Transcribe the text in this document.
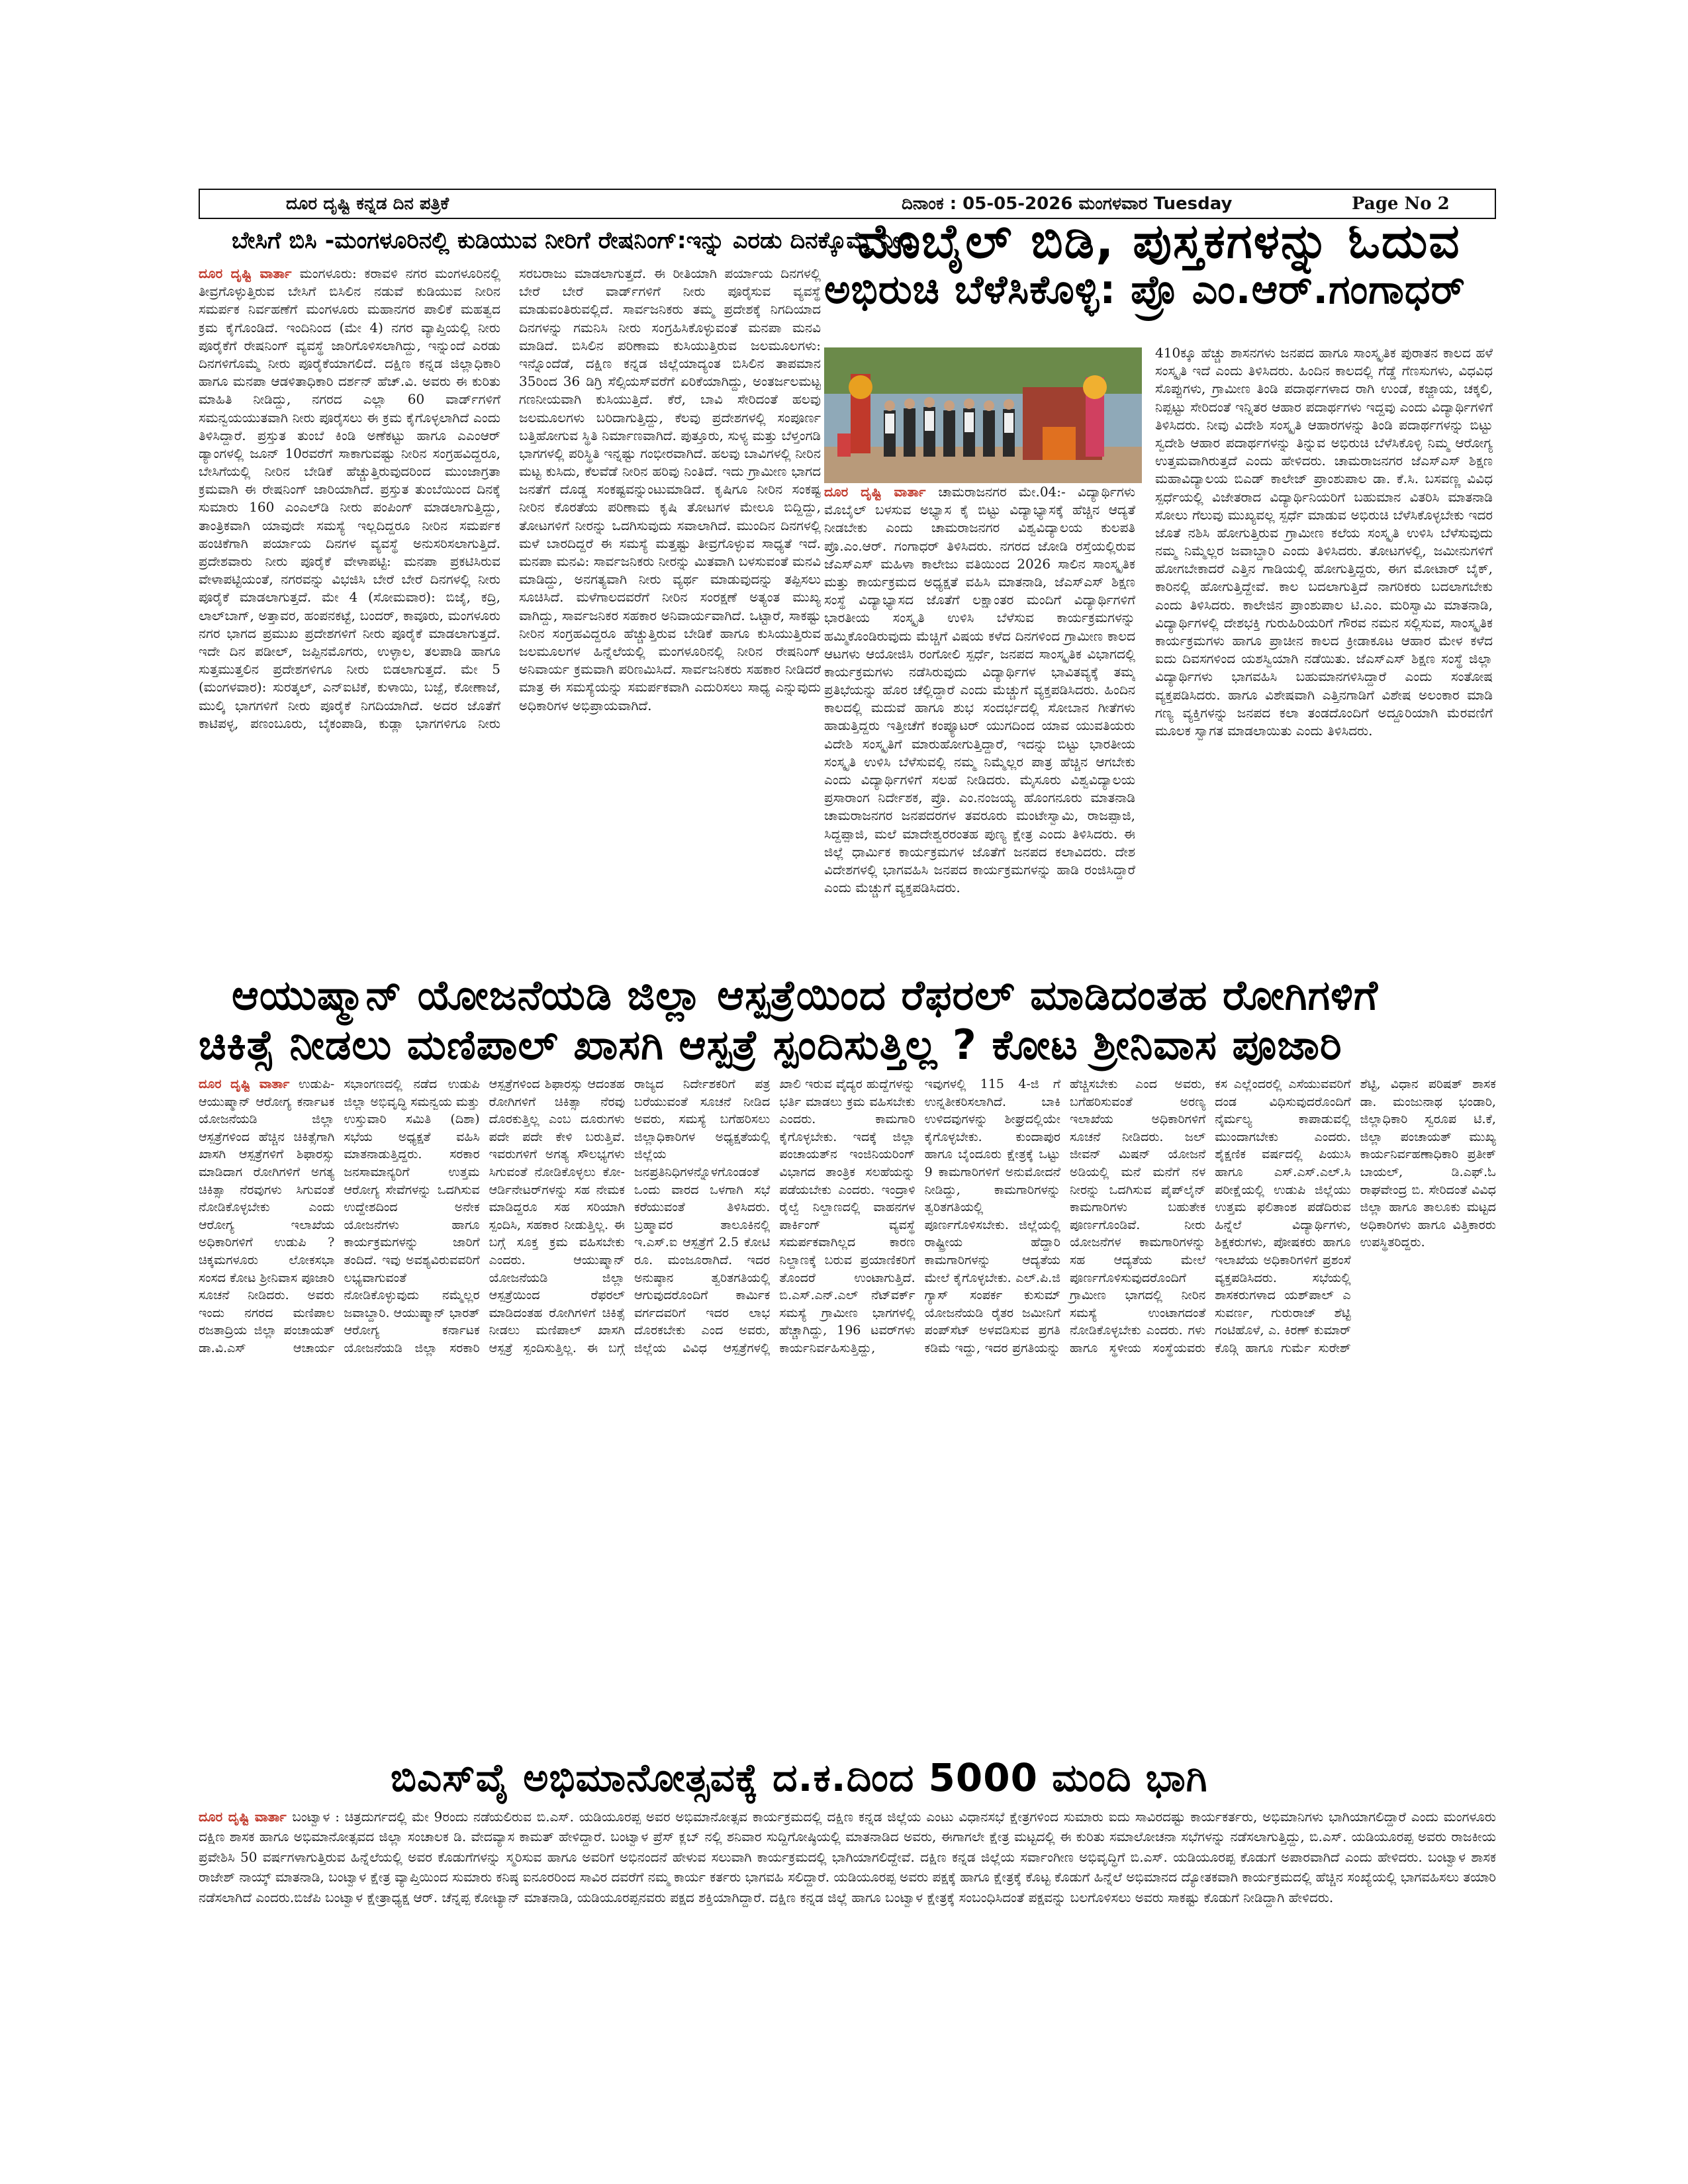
ದೂರ ದೃಷ್ಟಿ ಕನ್ನಡ ದಿನ ಪತ್ರಿಕೆ	ದಿನಾಂಕ : 05-05-2026 ಮಂಗಳವಾರ Tuesday	Page No 2
ಬೇಸಿಗೆ ಬಿಸಿ -ಮಂಗಳೂರಿನಲ್ಲಿ ಕುಡಿಯುವ ನೀರಿಗೆ ರೇಷನಿಂಗ್:ಇನ್ನು ಎರಡು ದಿನಕ್ಕೊಮ್ಮೆ ನೀರು
ದೂರ ದೃಷ್ಟಿ ವಾರ್ತಾ ಮಂಗಳೂರು: ಕರಾವಳಿ ನಗರ ಮಂಗಳೂರಿನಲ್ಲಿ ತೀವ್ರಗೊಳ್ಳುತ್ತಿರುವ ಬೇಸಿಗೆ ಬಿಸಿಲಿನ ನಡುವೆ ಕುಡಿಯುವ ನೀರಿನ ಸಮರ್ಪಕ ನಿರ್ವಹಣೆಗೆ ಮಂಗಳೂರು ಮಹಾನಗರ ಪಾಲಿಕೆ ಮಹತ್ವದ ಕ್ರಮ ಕೈಗೊಂಡಿದೆ. ಇಂದಿನಿಂದ (ಮೇ 4) ನಗರ ವ್ಯಾಪ್ತಿಯಲ್ಲಿ ನೀರು ಪೂರೈಕೆಗೆ ರೇಷನಿಂಗ್ ವ್ಯವಸ್ಥೆ ಜಾರಿಗೊಳಿಸಲಾಗಿದ್ದು, ಇನ್ನುಂದೆ ಎರಡು ದಿನಗಳಿಗೊಮ್ಮೆ ನೀರು ಪೂರೈಕೆಯಾಗಲಿದೆ. ದಕ್ಷಿಣ ಕನ್ನಡ ಜಿಲ್ಲಾಧಿಕಾರಿ ಹಾಗೂ ಮನಪಾ ಆಡಳಿತಾಧಿಕಾರಿ ದರ್ಶನ್ ಹೆಚ್.ವಿ. ಅವರು ಈ ಕುರಿತು ಮಾಹಿತಿ ನೀಡಿದ್ದು, ನಗರದ ಎಲ್ಲಾ 60 ವಾರ್ಡ್‌ಗಳಿಗೆ ಸಮನ್ವಯಯುತವಾಗಿ ನೀರು ಪೂರೈಸಲು ಈ ಕ್ರಮ ಕೈಗೊಳ್ಳಲಾಗಿದೆ ಎಂದು ತಿಳಿಸಿದ್ದಾರೆ. ಪ್ರಸ್ತುತ ತುಂಬೆ ಕಿಂಡಿ ಅಣೆಕಟ್ಟು ಹಾಗೂ ಎಎಂಆರ್ ಡ್ಯಾಂಗಳಲ್ಲಿ ಜೂನ್ 10ರವರೆಗೆ ಸಾಕಾಗುವಷ್ಟು ನೀರಿನ ಸಂಗ್ರಹವಿದ್ದರೂ, ಬೇಸಿಗೆಯಲ್ಲಿ ನೀರಿನ ಬೇಡಿಕೆ ಹೆಚ್ಚುತ್ತಿರುವುದರಿಂದ ಮುಂಜಾಗ್ರತಾ ಕ್ರಮವಾಗಿ ಈ ರೇಷನಿಂಗ್ ಜಾರಿಯಾಗಿದೆ. ಪ್ರಸ್ತುತ ತುಂಬೆಯಿಂದ ದಿನಕ್ಕೆ ಸುಮಾರು 160 ಎಂಎಲ್‌ಡಿ ನೀರು ಪಂಪಿಂಗ್ ಮಾಡಲಾಗುತ್ತಿದ್ದು, ತಾಂತ್ರಿಕವಾಗಿ ಯಾವುದೇ ಸಮಸ್ಯೆ ಇಲ್ಲದಿದ್ದರೂ ನೀರಿನ ಸಮರ್ಪಕ ಹಂಚಿಕೆಗಾಗಿ ಪರ್ಯಾಯ ದಿನಗಳ ವ್ಯವಸ್ಥೆ ಅನುಸರಿಸಲಾಗುತ್ತಿದೆ. ಪ್ರದೇಶವಾರು ನೀರು ಪೂರೈಕೆ ವೇಳಾಪಟ್ಟಿ: ಮನಪಾ ಪ್ರಕಟಿಸಿರುವ ವೇಳಾಪಟ್ಟಿಯಂತೆ, ನಗರವನ್ನು ವಿಭಜಿಸಿ ಬೇರೆ ಬೇರೆ ದಿನಗಳಲ್ಲಿ ನೀರು ಪೂರೈಕೆ ಮಾಡಲಾಗುತ್ತದೆ. ಮೇ 4 (ಸೋಮವಾರ): ಬಿಜೈ, ಕದ್ರಿ, ಲಾಲ್‌ಬಾಗ್, ಅತ್ತಾವರ, ಹಂಪನಕಟ್ಟೆ, ಬಂದರ್, ಕಾವೂರು, ಮಂಗಳೂರು ನಗರ ಭಾಗದ ಪ್ರಮುಖ ಪ್ರದೇಶಗಳಿಗೆ ನೀರು ಪೂರೈಕೆ ಮಾಡಲಾಗುತ್ತದೆ. ಇದೇ ದಿನ ಪಡೀಲ್, ಜಪ್ಪಿನಮೊಗರು, ಉಳ್ಳಾಲ, ತಲಪಾಡಿ ಹಾಗೂ ಸುತ್ತಮುತ್ತಲಿನ ಪ್ರದೇಶಗಳಿಗೂ ನೀರು ಬಿಡಲಾಗುತ್ತದೆ. ಮೇ 5 (ಮಂಗಳವಾರ): ಸುರತ್ಕಲ್, ಎನ್‌ಐಟಿಕೆ, ಕುಳಾಯಿ, ಬಜ್ಪೆ, ಕೋಣಾಜೆ, ಮುಲ್ಕಿ ಭಾಗಗಳಿಗೆ ನೀರು ಪೂರೈಕೆ ನಿಗದಿಯಾಗಿದೆ. ಅದರ ಜೊತೆಗೆ ಕಾಟಿಪಳ್ಳ, ಪಣಂಬೂರು, ಬೈಕಂಪಾಡಿ, ಕುಡ್ಲಾ ಭಾಗಗಳಿಗೂ ನೀರು ಸರಬರಾಜು ಮಾಡಲಾಗುತ್ತದೆ. ಈ ರೀತಿಯಾಗಿ ಪರ್ಯಾಯ ದಿನಗಳಲ್ಲಿ ಬೇರೆ ಬೇರೆ ವಾರ್ಡ್‌ಗಳಿಗೆ ನೀರು ಪೂರೈಸುವ ವ್ಯವಸ್ಥೆ ಮಾಡುವಂತಿರುವಲ್ಲಿದೆ. ಸಾರ್ವಜನಿಕರು ತಮ್ಮ ಪ್ರದೇಶಕ್ಕೆ ನಿಗದಿಯಾದ ದಿನಗಳನ್ನು ಗಮನಿಸಿ ನೀರು ಸಂಗ್ರಹಿಸಿಕೊಳ್ಳುವಂತೆ ಮನಪಾ ಮನವಿ ಮಾಡಿದೆ. ಬಿಸಿಲಿನ ಪರಿಣಾಮ ಕುಸಿಯುತ್ತಿರುವ ಜಲಮೂಲಗಳು: ಇನ್ನೊಂದೆಡೆ, ದಕ್ಷಿಣ ಕನ್ನಡ ಜಿಲ್ಲೆಯಾದ್ಯಂತ ಬಿಸಿಲಿನ ತಾಪಮಾನ 35ರಿಂದ 36 ಡಿಗ್ರಿ ಸೆಲ್ಸಿಯಸ್‌ವರೆಗೆ ಏರಿಕೆಯಾಗಿದ್ದು, ಅಂತರ್ಜಲಮಟ್ಟ ಗಣನೀಯವಾಗಿ ಕುಸಿಯುತ್ತಿದೆ. ಕೆರೆ, ಬಾವಿ ಸೇರಿದಂತೆ ಹಲವು ಜಲಮೂಲಗಳು ಬರಿದಾಗುತ್ತಿದ್ದು, ಕೆಲವು ಪ್ರದೇಶಗಳಲ್ಲಿ ಸಂಪೂರ್ಣ ಬತ್ತಿಹೋಗುವ ಸ್ಥಿತಿ ನಿರ್ಮಾಣವಾಗಿದೆ. ಪುತ್ತೂರು, ಸುಳ್ಯ ಮತ್ತು ಬೆಳ್ತಂಗಡಿ ಭಾಗಗಳಲ್ಲಿ ಪರಿಸ್ಥಿತಿ ಇನ್ನಷ್ಟು ಗಂಭೀರವಾಗಿದೆ. ಹಲವು ಬಾವಿಗಳಲ್ಲಿ ನೀರಿನ ಮಟ್ಟ ಕುಸಿದು, ಕೆಲವೆಡೆ ನೀರಿನ ಹರಿವು ನಿಂತಿದೆ. ಇದು ಗ್ರಾಮೀಣ ಭಾಗದ ಜನತೆಗೆ ದೊಡ್ಡ ಸಂಕಷ್ಟವನ್ನುಂಟುಮಾಡಿದೆ. ಕೃಷಿಗೂ ನೀರಿನ ಸಂಕಷ್ಟ ನೀರಿನ ಕೊರತೆಯ ಪರಿಣಾಮ ಕೃಷಿ ತೋಟಗಳ ಮೇಲೂ ಬಿದ್ದಿದ್ದು, ತೋಟಗಳಿಗೆ ನೀರನ್ನು ಒದಗಿಸುವುದು ಸವಾಲಾಗಿದೆ. ಮುಂದಿನ ದಿನಗಳಲ್ಲಿ ಮಳೆ ಬಾರದಿದ್ದರೆ ಈ ಸಮಸ್ಯೆ ಮತ್ತಷ್ಟು ತೀವ್ರಗೊಳ್ಳುವ ಸಾಧ್ಯತೆ ಇದೆ. ಮನಪಾ ಮನವಿ: ಸಾರ್ವಜನಿಕರು ನೀರನ್ನು ಮಿತವಾಗಿ ಬಳಸುವಂತೆ ಮನವಿ ಮಾಡಿದ್ದು, ಅನಗತ್ಯವಾಗಿ ನೀರು ವ್ಯರ್ಥ ಮಾಡುವುದನ್ನು ತಪ್ಪಿಸಲು ಸೂಚಿಸಿದೆ. ಮಳೆಗಾಲದವರೆಗೆ ನೀರಿನ ಸಂರಕ್ಷಣೆ ಅತ್ಯಂತ ಮುಖ್ಯ ವಾಗಿದ್ದು, ಸಾರ್ವಜನಿಕರ ಸಹಕಾರ ಅನಿವಾರ್ಯವಾಗಿದೆ. ಒಟ್ಟಾರೆ, ಸಾಕಷ್ಟು ನೀರಿನ ಸಂಗ್ರಹವಿದ್ದರೂ ಹೆಚ್ಚುತ್ತಿರುವ ಬೇಡಿಕೆ ಹಾಗೂ ಕುಸಿಯುತ್ತಿರುವ ಜಲಮೂಲಗಳ ಹಿನ್ನೆಲೆಯಲ್ಲಿ ಮಂಗಳೂರಿನಲ್ಲಿ ನೀರಿನ ರೇಷನಿಂಗ್ ಅನಿವಾರ್ಯ ಕ್ರಮವಾಗಿ ಪರಿಣಮಿಸಿದೆ. ಸಾರ್ವಜನಿಕರು ಸಹಕಾರ ನೀಡಿದರೆ ಮಾತ್ರ ಈ ಸಮಸ್ಯೆಯನ್ನು ಸಮರ್ಪಕವಾಗಿ ಎದುರಿಸಲು ಸಾಧ್ಯ ಎನ್ನುವುದು ಅಧಿಕಾರಿಗಳ ಅಭಿಪ್ರಾಯವಾಗಿದೆ.
ಮೊಬೈಲ್ ಬಿಡಿ, ಪುಸ್ತಕಗಳನ್ನು ಓದುವ
ಅಭಿರುಚಿ ಬೆಳೆಸಿಕೊಳ್ಳಿ: ಪ್ರೊ ಎಂ.ಆರ್.ಗಂಗಾಧರ್
ದೂರ ದೃಷ್ಟಿ ವಾರ್ತಾ ಚಾಮರಾಜನಗರ ಮೇ.04:- ವಿದ್ಯಾರ್ಥಿಗಳು ಮೊಬೈಲ್ ಬಳಸುವ ಅಭ್ಯಾಸ ಕೈ ಬಿಟ್ಟು ವಿದ್ಯಾಭ್ಯಾಸಕ್ಕೆ ಹೆಚ್ಚಿನ ಆದ್ಯತೆ ನೀಡಬೇಕು ಎಂದು ಚಾಮರಾಜನಗರ ವಿಶ್ವವಿದ್ಯಾಲಯ ಕುಲಪತಿ ಪ್ರೊ.ಎಂ.ಆರ್. ಗಂಗಾಧರ್ ತಿಳಿಸಿದರು. ನಗರದ ಜೋಡಿ ರಸ್ತೆಯಲ್ಲಿರುವ ಜೆಎಸ್‌ಎಸ್ ಮಹಿಳಾ ಕಾಲೇಜು ವತಿಯಿಂದ 2026 ಸಾಲಿನ ಸಾಂಸ್ಕೃತಿಕ ಮತ್ತು ಕಾರ್ಯಕ್ರಮದ ಅಧ್ಯಕ್ಷತೆ ವಹಿಸಿ ಮಾತನಾಡಿ, ಜೆಎಸ್‌ಎಸ್ ಶಿಕ್ಷಣ ಸಂಸ್ಥೆ ವಿದ್ಯಾಭ್ಯಾಸದ ಜೊತೆಗೆ ಲಕ್ಷಾಂತರ ಮಂದಿಗೆ ವಿದ್ಯಾರ್ಥಿಗಳಿಗೆ ಭಾರತೀಯ ಸಂಸ್ಕೃತಿ ಉಳಿಸಿ ಬೆಳೆಸುವ ಕಾರ್ಯಕ್ರಮಗಳನ್ನು ಹಮ್ಮಿಕೊಂಡಿರುವುದು ಮೆಚ್ಚಿಗೆ ವಿಷಯ ಕಳೆದ ದಿನಗಳಿಂದ ಗ್ರಾಮೀಣ ಕಾಲದ ಆಟಗಳು ಆಯೋಜಿಸಿ ರಂಗೋಲಿ ಸ್ಪರ್ಧೆ, ಜನಪದ ಸಾಂಸ್ಕೃತಿಕ ವಿಭಾಗದಲ್ಲಿ ಕಾರ್ಯಕ್ರಮಗಳು ನಡೆಸಿರುವುದು ವಿದ್ಯಾರ್ಥಿಗಳ ಭಾವಿತವ್ಯಕ್ಕೆ ತಮ್ಮ ಪ್ರತಿಭೆಯನ್ನು ಹೊರ ಚೆಲ್ಲಿದ್ದಾರೆ ಎಂದು ಮೆಚ್ಚುಗೆ ವ್ಯಕ್ತಪಡಿಸಿದರು. ಹಿಂದಿನ ಕಾಲದಲ್ಲಿ ಮದುವೆ ಹಾಗೂ ಶುಭ ಸಂದರ್ಭದಲ್ಲಿ ಸೋಬಾನ ಗೀತೆಗಳು ಹಾಡುತ್ತಿದ್ದರು ಇತ್ತೀಚೆಗೆ ಕಂಪ್ಯೂಟರ್ ಯುಗದಿಂದ ಯಾವ ಯುವತಿಯರು ವಿದೇಶಿ ಸಂಸ್ಕೃತಿಗೆ ಮಾರುಹೋಗುತ್ತಿದ್ದಾರೆ, ಇದನ್ನು ಬಿಟ್ಟು ಭಾರತೀಯ ಸಂಸ್ಕೃತಿ ಉಳಿಸಿ ಬೆಳೆಸುವಲ್ಲಿ ನಮ್ಮ ನಿಮ್ಮೆಲ್ಲರ ಪಾತ್ರ ಹೆಚ್ಚಿನ ಆಗಬೇಕು ಎಂದು ವಿದ್ಯಾರ್ಥಿಗಳಿಗೆ ಸಲಹೆ ನೀಡಿದರು. ಮೈಸೂರು ವಿಶ್ವವಿದ್ಯಾಲಯ ಪ್ರಸಾರಾಂಗ ನಿರ್ದೇಶಕ, ಪ್ರೊ. ಎಂ.ನಂಜಯ್ಯ ಹೊಂಗನೂರು ಮಾತನಾಡಿ ಚಾಮರಾಜನಗರ ಜನಪದರಗಳ ತವರೂರು ಮಂಟೇಸ್ವಾಮಿ, ರಾಜಪ್ಪಾಜಿ, ಸಿದ್ದಪ್ಪಾಜಿ, ಮಲೆ ಮಾದೇಶ್ವರರಂತಹ ಪುಣ್ಯ ಕ್ಷೇತ್ರ ಎಂದು ತಿಳಿಸಿದರು. ಈ ಜಿಲ್ಲೆ ಧಾರ್ಮಿಕ ಕಾರ್ಯಕ್ರಮಗಳ ಜೊತೆಗೆ ಜನಪದ ಕಲಾವಿದರು. ದೇಶ ವಿದೇಶಗಳಲ್ಲಿ ಭಾಗವಹಿಸಿ ಜನಪದ ಕಾರ್ಯಕ್ರಮಗಳನ್ನು ಹಾಡಿ ರಂಜಿಸಿದ್ದಾರೆ ಎಂದು ಮೆಚ್ಚುಗೆ ವ್ಯಕ್ತಪಡಿಸಿದರು.
410ಕ್ಕೂ ಹೆಚ್ಚು ಶಾಸನಗಳು ಜನಪದ ಹಾಗೂ ಸಾಂಸ್ಕೃತಿಕ ಪುರಾತನ ಕಾಲದ ಹಳೆ ಸಂಸ್ಕೃತಿ ಇದೆ ಎಂದು ತಿಳಿಸಿದರು. ಹಿಂದಿನ ಕಾಲದಲ್ಲಿ ಗೆಡ್ಡೆ ಗೆಣಸುಗಳು, ವಿಧವಿಧ ಸೊಪ್ಪುಗಳು, ಗ್ರಾಮೀಣ ತಿಂಡಿ ಪದಾರ್ಥಗಳಾದ ರಾಗಿ ಉಂಡೆ, ಕಜ್ಜಾಯ, ಚಕ್ಕಲಿ, ನಿಪ್ಪಟ್ಟು ಸೇರಿದಂತೆ ಇನ್ನಿತರ ಆಹಾರ ಪದಾರ್ಥಗಳು ಇದ್ದವು ಎಂದು ವಿದ್ಯಾರ್ಥಿಗಳಿಗೆ ತಿಳಿಸಿದರು. ನೀವು ವಿದೇಶಿ ಸಂಸ್ಕೃತಿ ಆಹಾರಗಳನ್ನು ತಿಂಡಿ ಪದಾರ್ಥಗಳನ್ನು ಬಿಟ್ಟು ಸ್ವದೇಶಿ ಆಹಾರ ಪದಾರ್ಥಗಳನ್ನು ತಿನ್ನುವ ಅಭಿರುಚಿ ಬೆಳೆಸಿಕೊಳ್ಳಿ ನಿಮ್ಮ ಆರೋಗ್ಯ ಉತ್ತಮವಾಗಿರುತ್ತದೆ ಎಂದು ಹೇಳಿದರು. ಚಾಮರಾಜನಗರ ಜೆಎಸ್‌ಎಸ್ ಶಿಕ್ಷಣ ಮಹಾವಿದ್ಯಾಲಯ ಬಿಎಡ್ ಕಾಲೇಜ್ ಪ್ರಾಂಶುಪಾಲ ಡಾ. ಕೆ.ಸಿ. ಬಸವಣ್ಣ ವಿವಿಧ ಸ್ಪರ್ಧೆಯಲ್ಲಿ ವಿಜೇತರಾದ ವಿದ್ಯಾರ್ಥಿನಿಯರಿಗೆ ಬಹುಮಾನ ವಿತರಿಸಿ ಮಾತನಾಡಿ ಸೋಲು ಗೆಲುವು ಮುಖ್ಯವಲ್ಲ ಸ್ಪರ್ಧೆ ಮಾಡುವ ಅಭಿರುಚಿ ಬೆಳೆಸಿಕೊಳ್ಳಬೇಕು ಇದರ ಜೊತೆ ನಶಿಸಿ ಹೋಗುತ್ತಿರುವ ಗ್ರಾಮೀಣ ಕಲೆಯ ಸಂಸ್ಕೃತಿ ಉಳಿಸಿ ಬೆಳೆಸುವುದು ನಮ್ಮ ನಿಮ್ಮೆಲ್ಲರ ಜವಾಬ್ದಾರಿ ಎಂದು ತಿಳಿಸಿದರು. ತೋಟಗಳಲ್ಲಿ, ಜಮೀನುಗಳಿಗೆ ಹೋಗಬೇಕಾದರೆ ಎತ್ತಿನ ಗಾಡಿಯಲ್ಲಿ ಹೋಗುತ್ತಿದ್ದರು, ಈಗ ಮೋಟಾರ್ ಬೈಕ್, ಕಾರಿನಲ್ಲಿ ಹೋಗುತ್ತಿದ್ದೇವೆ. ಕಾಲ ಬದಲಾಗುತ್ತಿದೆ ನಾಗರಿಕರು ಬದಲಾಗಬೇಕು ಎಂದು ತಿಳಿಸಿದರು. ಕಾಲೇಜಿನ ಪ್ರಾಂಶುಪಾಲ ಟಿ.ಎಂ. ಮರಿಸ್ವಾಮಿ ಮಾತನಾಡಿ, ವಿದ್ಯಾರ್ಥಿಗಳಲ್ಲಿ ದೇಶಭಕ್ತಿ ಗುರುಹಿರಿಯರಿಗೆ ಗೌರವ ನಮನ ಸಲ್ಲಿಸುವ, ಸಾಂಸ್ಕೃತಿಕ ಕಾರ್ಯಕ್ರಮಗಳು ಹಾಗೂ ಪ್ರಾಚೀನ ಕಾಲದ ಕ್ರೀಡಾಕೂಟ ಆಹಾರ ಮೇಳ ಕಳೆದ ಐದು ದಿವಸಗಳಿಂದ ಯಶಸ್ವಿಯಾಗಿ ನಡೆಯಿತು. ಜೆಎಸ್‌ಎಸ್ ಶಿಕ್ಷಣ ಸಂಸ್ಥೆ ಜಿಲ್ಲಾ ವಿದ್ಯಾರ್ಥಿಗಳು ಭಾಗವಹಿಸಿ ಬಹುಮಾನಗಳಿಸಿದ್ದಾರೆ ಎಂದು ಸಂತೋಷ ವ್ಯಕ್ತಪಡಿಸಿದರು. ಹಾಗೂ ವಿಶೇಷವಾಗಿ ಎತ್ತಿನಗಾಡಿಗೆ ವಿಶೇಷ ಅಲಂಕಾರ ಮಾಡಿ ಗಣ್ಯ ವ್ಯಕ್ತಿಗಳನ್ನು ಜನಪದ ಕಲಾ ತಂಡದೊಂದಿಗೆ ಅದ್ದೂರಿಯಾಗಿ ಮೆರವಣಿಗೆ ಮೂಲಕ ಸ್ವಾಗತ ಮಾಡಲಾಯಿತು ಎಂದು ತಿಳಿಸಿದರು.
ಆಯುಷ್ಮಾನ್ ಯೋಜನೆಯಡಿ ಜಿಲ್ಲಾ ಆಸ್ಪತ್ರೆಯಿಂದ ರೆಫರಲ್ ಮಾಡಿದಂತಹ ರೋಗಿಗಳಿಗೆ
ಚಿಕಿತ್ಸೆ ನೀಡಲು ಮಣಿಪಾಲ್ ಖಾಸಗಿ ಆಸ್ಪತ್ರೆ ಸ್ಪಂದಿಸುತ್ತಿಲ್ಲ ? ಕೋಟ ಶ್ರೀನಿವಾಸ ಪೂಜಾರಿ
ದೂರ ದೃಷ್ಟಿ ವಾರ್ತಾ ಉಡುಪಿ-ಆಯುಷ್ಮಾನ್ ಆರೋಗ್ಯ ಕರ್ನಾಟಕ ಯೋಜನೆಯಡಿ ಜಿಲ್ಲಾ ಆಸ್ಪತ್ರೆಗಳಿಂದ ಹೆಚ್ಚಿನ ಚಿಕಿತ್ಸೆಗಾಗಿ ಖಾಸಗಿ ಆಸ್ಪತ್ರೆಗಳಿಗೆ ಶಿಫಾರಸ್ಸು ಮಾಡಿದಾಗ ರೋಗಿಗಳಿಗೆ ಅಗತ್ಯ ಚಿಕಿತ್ಸಾ ನೆರವುಗಳು ಸಿಗುವಂತೆ ನೋಡಿಕೊಳ್ಳಬೇಕು ಎಂದು ಆರೋಗ್ಯ ಇಲಾಖೆಯ ಅಧಿಕಾರಿಗಳಿಗೆ ಉಡುಪಿ ? ಚಿಕ್ಕಮಗಳೂರು ಲೋಕಸಭಾ ಸಂಸದ ಕೋಟ ಶ್ರೀನಿವಾಸ ಪೂಜಾರಿ ಸೂಚನೆ ನೀಡಿದರು. ಅವರು ಇಂದು ನಗರದ ಮಣಿಪಾಲ ರಜತಾದ್ರಿಯ ಜಿಲ್ಲಾ ಪಂಚಾಯತ್ ಡಾ.ವಿ.ಎಸ್ ಆಚಾರ್ಯ ಸಭಾಂಗಣದಲ್ಲಿ ನಡೆದ ಉಡುಪಿ ಜಿಲ್ಲಾ ಅಭಿವೃದ್ಧಿ ಸಮನ್ವಯ ಮತ್ತು ಉಸ್ತುವಾರಿ ಸಮಿತಿ (ದಿಶಾ) ಸಭೆಯ ಅಧ್ಯಕ್ಷತೆ ವಹಿಸಿ ಮಾತನಾಡುತ್ತಿದ್ದರು. ಸರಕಾರ ಜನಸಾಮಾನ್ಯರಿಗೆ ಉತ್ತಮ ಆರೋಗ್ಯ ಸೇವೆಗಳನ್ನು ಒದಗಿಸುವ ಉದ್ದೇಶದಿಂದ ಅನೇಕ ಯೋಜನೆಗಳು ಹಾಗೂ ಕಾರ್ಯಕ್ರಮಗಳನ್ನು ಜಾರಿಗೆ ತಂದಿದೆ. ಇವು ಅವಶ್ಯವಿರುವವರಿಗೆ ಲಭ್ಯವಾಗುವಂತೆ ನೋಡಿಕೊಳ್ಳುವುದು ನಮ್ಮೆಲ್ಲರ ಜವಾಬ್ದಾರಿ. ಆಯುಷ್ಮಾನ್ ಭಾರತ್ ಆರೋಗ್ಯ ಕರ್ನಾಟಕ ಯೋಜನೆಯಡಿ ಜಿಲ್ಲಾ ಸರಕಾರಿ ಆಸ್ಪತ್ರೆಗಳಿಂದ ಶಿಫಾರಸ್ಸು ಆದಂತಹ ರೋಗಿಗಳಿಗೆ ಚಿಕಿತ್ಸಾ ನೆರವು ದೊರಕುತ್ತಿಲ್ಲ ಎಂಬ ದೂರುಗಳು ಪದೇ ಪದೇ ಕೇಳಿ ಬರುತ್ತಿವೆ. ಇವರುಗಳಿಗೆ ಅಗತ್ಯ ಸೌಲಭ್ಯಗಳು ಸಿಗುವಂತೆ ನೋಡಿಕೊಳ್ಳಲು ಕೋ-ಆರ್ಡಿನೇಟರ್‌ಗಳನ್ನು ಸಹ ನೇಮಕ ಮಾಡಿದ್ದರೂ ಸಹ ಸರಿಯಾಗಿ ಸ್ಪಂದಿಸಿ, ಸಹಕಾರ ನೀಡುತ್ತಿಲ್ಲ. ಈ ಬಗ್ಗೆ ಸೂಕ್ತ ಕ್ರಮ ವಹಿಸಬೇಕು ಎಂದರು. ಆಯುಷ್ಮಾನ್ ಯೋಜನೆಯಡಿ ಜಿಲ್ಲಾ ಆಸ್ಪತ್ರೆಯಿಂದ ರೆಫರಲ್ ಮಾಡಿದಂತಹ ರೋಗಿಗಳಿಗೆ ಚಿಕಿತ್ಸೆ ನೀಡಲು ಮಣಿಪಾಲ್ ಖಾಸಗಿ ಆಸ್ಪತ್ರೆ ಸ್ಪಂದಿಸುತ್ತಿಲ್ಲ. ಈ ಬಗ್ಗೆ ರಾಜ್ಯದ ನಿರ್ದೇಶಕರಿಗೆ ಪತ್ರ ಬರೆಯುವಂತೆ ಸೂಚನೆ ನೀಡಿದ ಅವರು, ಸಮಸ್ಯೆ ಬಗೆಹರಿಸಲು ಜಿಲ್ಲಾಧಿಕಾರಿಗಳ ಅಧ್ಯಕ್ಷತೆಯಲ್ಲಿ ಜಿಲ್ಲೆಯ ಜನಪ್ರತಿನಿಧಿಗಳನ್ನೊಳಗೊಂಡಂತೆ ಒಂದು ವಾರದ ಒಳಗಾಗಿ ಸಭೆ ಕರೆಯುವಂತೆ ತಿಳಿಸಿದರು. ಬ್ರಹ್ಮಾವರ ತಾಲೂಕಿನಲ್ಲಿ ಇ.ಎಸ್.ಐ ಆಸ್ಪತ್ರೆಗೆ 2.5 ಕೋಟಿ ರೂ. ಮಂಜೂರಾಗಿದೆ. ಇದರ ಅನುಷ್ಠಾನ ತ್ವರಿತಗತಿಯಲ್ಲಿ ಆಗುವುದರೊಂದಿಗೆ ಕಾರ್ಮಿಕ ವರ್ಗದವರಿಗೆ ಇದರ ಲಾಭ ದೊರಕಬೇಕು ಎಂದ ಅವರು, ಜಿಲ್ಲೆಯ ವಿವಿಧ ಆಸ್ಪತ್ರೆಗಳಲ್ಲಿ ಖಾಲಿ ಇರುವ ವೈದ್ಯರ ಹುದ್ದೆಗಳನ್ನು ಭರ್ತಿ ಮಾಡಲು ಕ್ರಮ ವಹಿಸಬೇಕು ಎಂದರು. ಕಾಮಗಾರಿ ಕೈಗೊಳ್ಳಬೇಕು. ಇದಕ್ಕೆ ಜಿಲ್ಲಾ ಪಂಚಾಯತ್‌ನ ಇಂಜಿನಿಯರಿಂಗ್ ವಿಭಾಗದ ತಾಂತ್ರಿಕ ಸಲಹೆಯನ್ನು ಪಡೆಯಬೇಕು ಎಂದರು. ಇಂದ್ರಾಳಿ ರೈಲ್ವೆ ನಿಲ್ದಾಣದಲ್ಲಿ ವಾಹನಗಳ ಪಾರ್ಕಿಂಗ್ ವ್ಯವಸ್ಥೆ ಸಮರ್ಪಕವಾಗಿಲ್ಲದ ಕಾರಣ ನಿಲ್ದಾಣಕ್ಕೆ ಬರುವ ಪ್ರಯಾಣಿಕರಿಗೆ ತೊಂದರೆ ಉಂಟಾಗುತ್ತಿದೆ. ಬಿ.ಎಸ್.ಎನ್.ಎಲ್ ನೆಟ್‌ವರ್ಕ್ ಸಮಸ್ಯೆ ಗ್ರಾಮೀಣ ಭಾಗಗಳಲ್ಲಿ ಹೆಚ್ಚಾಗಿದ್ದು, 196 ಟವರ್‌ಗಳು ಕಾರ್ಯನಿರ್ವಹಿಸುತ್ತಿದ್ದು, ಇವುಗಳಲ್ಲಿ 115 4-ಜಿ ಗೆ ಉನ್ನತೀಕರಿಸಲಾಗಿದೆ. ಬಾಕಿ ಉಳಿದವುಗಳನ್ನು ಶೀಘ್ರದಲ್ಲಿಯೇ ಕೈಗೊಳ್ಳಬೇಕು. ಕುಂದಾಪುರ ಹಾಗೂ ಬೈಂದೂರು ಕ್ಷೇತ್ರಕ್ಕೆ ಒಟ್ಟು 9 ಕಾಮಗಾರಿಗಳಿಗೆ ಅನುಮೋದನೆ ನೀಡಿದ್ದು, ಕಾಮಗಾರಿಗಳನ್ನು ತ್ವರಿತಗತಿಯಲ್ಲಿ ಪೂರ್ಣಗೊಳಿಸಬೇಕು. ಜಿಲ್ಲೆಯಲ್ಲಿ ರಾಷ್ಟ್ರೀಯ ಹೆದ್ದಾರಿ ಕಾಮಗಾರಿಗಳನ್ನು ಆದ್ಯತೆಯ ಮೇಲೆ ಕೈಗೊಳ್ಳಬೇಕು. ಎಲ್.ಪಿ.ಜಿ ಗ್ಯಾಸ್ ಸಂಪರ್ಕ ಕುಸುಮ್ ಯೋಜನೆಯಡಿ ರೈತರ ಜಮೀನಿಗೆ ಪಂಪ್‌ಸೆಟ್ ಅಳವಡಿಸುವ ಪ್ರಗತಿ ಕಡಿಮೆ ಇದ್ದು, ಇದರ ಪ್ರಗತಿಯನ್ನು ಹೆಚ್ಚಿಸಬೇಕು ಎಂದ ಅವರು, ಬಗೆಹರಿಸುವಂತೆ ಅರಣ್ಯ ಇಲಾಖೆಯ ಅಧಿಕಾರಿಗಳಿಗೆ ಸೂಚನೆ ನೀಡಿದರು. ಜಲ್ ಜೀವನ್ ಮಿಷನ್ ಯೋಜನೆ ಅಡಿಯಲ್ಲಿ ಮನೆ ಮನೆಗೆ ನಳ ನೀರನ್ನು ಒದಗಿಸುವ ಪೈಪ್‌ಲೈನ್ ಕಾಮಗಾರಿಗಳು ಬಹುತೇಕ ಪೂರ್ಣಗೊಂಡಿವೆ. ನೀರು ಯೋಜನೆಗಳ ಕಾಮಗಾರಿಗಳನ್ನು ಸಹ ಆದ್ಯತೆಯ ಮೇಲೆ ಪೂರ್ಣಗೊಳಿಸುವುದರೊಂದಿಗೆ ಗ್ರಾಮೀಣ ಭಾಗದಲ್ಲಿ ನೀರಿನ ಸಮಸ್ಯೆ ಉಂಟಾಗದಂತೆ ನೋಡಿಕೊಳ್ಳಬೇಕು ಎಂದರು. ಗಳು ಹಾಗೂ ಸ್ಥಳೀಯ ಸಂಸ್ಥೆಯವರು ಕಸ ಎಲ್ಲೆಂದರಲ್ಲಿ ಎಸೆಯುವವರಿಗೆ ದಂಡ ವಿಧಿಸುವುದರೊಂದಿಗೆ ನೈರ್ಮಲ್ಯ ಕಾಪಾಡುವಲ್ಲಿ ಮುಂದಾಗಬೇಕು ಎಂದರು. ಶೈಕ್ಷಣಿಕ ವರ್ಷದಲ್ಲಿ ಪಿಯುಸಿ ಹಾಗೂ ಎಸ್.ಎಸ್.ಎಲ್.ಸಿ ಪರೀಕ್ಷೆಯಲ್ಲಿ ಉಡುಪಿ ಜಿಲ್ಲೆಯು ಉತ್ತಮ ಫಲಿತಾಂಶ ಪಡೆದಿರುವ ಹಿನ್ನೆಲೆ ವಿದ್ಯಾರ್ಥಿಗಳು, ಶಿಕ್ಷಕರುಗಳು, ಪೋಷಕರು ಹಾಗೂ ಇಲಾಖೆಯ ಅಧಿಕಾರಿಗಳಿಗೆ ಪ್ರಶಂಸೆ ವ್ಯಕ್ತಪಡಿಸಿದರು. ಸಭೆಯಲ್ಲಿ ಶಾಸಕರುಗಳಾದ ಯಶ್‌ಪಾಲ್ ಎ ಸುವರ್ಣ, ಗುರುರಾಜ್ ಶೆಟ್ಟಿ ಗಂಟಿಹೊಳೆ, ಎ. ಕಿರಣ್ ಕುಮಾರ್ ಕೊಡ್ಗಿ ಹಾಗೂ ಗುರ್ಮೆ ಸುರೇಶ್ ಶೆಟ್ಟಿ, ವಿಧಾನ ಪರಿಷತ್ ಶಾಸಕ ಡಾ. ಮಂಜುನಾಥ ಭಂಡಾರಿ, ಜಿಲ್ಲಾಧಿಕಾರಿ ಸ್ವರೂಪ ಟಿ.ಕೆ, ಜಿಲ್ಲಾ ಪಂಚಾಯತ್ ಮುಖ್ಯ ಕಾರ್ಯನಿರ್ವಹಣಾಧಿಕಾರಿ ಪ್ರತೀಕ್ ಬಾಯಲ್, ಡಿ.ಎಫ್.ಓ ರಾಘವೇಂದ್ರ ಬಿ. ಸೇರಿದಂತೆ ವಿವಿಧ ಜಿಲ್ಲಾ ಹಾಗೂ ತಾಲೂಕು ಮಟ್ಟದ ಅಧಿಕಾರಿಗಳು ಹಾಗೂ ವಿತ್ತಿಕಾರರು ಉಪಸ್ಥಿತರಿದ್ದರು.
ಬಿಎಸ್‌ವೈ ಅಭಿಮಾನೋತ್ಸವಕ್ಕೆ ದ.ಕ.ದಿಂದ 5000 ಮಂದಿ ಭಾಗಿ
ದೂರ ದೃಷ್ಟಿ ವಾರ್ತಾ ಬಂಟ್ವಾಳ : ಚಿತ್ರದುರ್ಗದಲ್ಲಿ ಮೇ 9ರಂದು ನಡೆಯಲಿರುವ ಬಿ.ಎಸ್. ಯಡಿಯೂರಪ್ಪ ಅವರ ಅಭಿಮಾನೋತ್ಸವ ಕಾರ್ಯಕ್ರಮದಲ್ಲಿ ದಕ್ಷಿಣ ಕನ್ನಡ ಜಿಲ್ಲೆಯ ಎಂಟು ವಿಧಾನಸಭೆ ಕ್ಷೇತ್ರಗಳಿಂದ ಸುಮಾರು ಐದು ಸಾವಿರದಷ್ಟು ಕಾರ್ಯಕರ್ತರು, ಅಭಿಮಾನಿಗಳು ಭಾಗಿಯಾಗಲಿದ್ದಾರೆ ಎಂದು ಮಂಗಳೂರು ದಕ್ಷಿಣ ಶಾಸಕ ಹಾಗೂ ಅಭಿಮಾನೋತ್ಸವದ ಜಿಲ್ಲಾ ಸಂಚಾಲಕ ಡಿ. ವೇದವ್ಯಾಸ ಕಾಮತ್ ಹೇಳಿದ್ದಾರೆ. ಬಂಟ್ವಾಳ ಪ್ರೆಸ್ ಕ್ಲಬ್ ನಲ್ಲಿ ಶನಿವಾರ ಸುದ್ದಿಗೋಷ್ಠಿಯಲ್ಲಿ ಮಾತನಾಡಿದ ಅವರು, ಈಗಾಗಲೇ ಕ್ಷೇತ್ರ ಮಟ್ಟದಲ್ಲಿ ಈ ಕುರಿತು ಸಮಾಲೋಚನಾ ಸಭೆಗಳನ್ನು ನಡೆಸಲಾಗುತ್ತಿದ್ದು, ಬಿ.ಎಸ್. ಯಡಿಯೂರಪ್ಪ ಅವರು ರಾಜಕೀಯ ಪ್ರವೇಶಿಸಿ 50 ವರ್ಷಗಳಾಗುತ್ತಿರುವ ಹಿನ್ನೆಲೆಯಲ್ಲಿ ಅವರ ಕೊಡುಗೆಗಳನ್ನು ಸ್ಮರಿಸುವ ಹಾಗೂ ಅವರಿಗೆ ಅಭಿನಂದನೆ ಹೇಳುವ ಸಲುವಾಗಿ ಕಾರ್ಯಕ್ರಮದಲ್ಲಿ ಭಾಗಿಯಾಗಲಿದ್ದೇವೆ. ದಕ್ಷಿಣ ಕನ್ನಡ ಜಿಲ್ಲೆಯ ಸರ್ವಾಂಗೀಣ ಅಭಿವೃದ್ಧಿಗೆ ಬಿ.ಎಸ್. ಯಡಿಯೂರಪ್ಪ ಕೊಡುಗೆ ಅಪಾರವಾಗಿದೆ ಎಂದು ಹೇಳಿದರು. ಬಂಟ್ವಾಳ ಶಾಸಕ ರಾಜೇಶ್ ನಾಯ್ಕ್ ಮಾತನಾಡಿ, ಬಂಟ್ವಾಳ ಕ್ಷೇತ್ರ ವ್ಯಾಪ್ತಿಯಿಂದ ಸುಮಾರು ಕನಿಷ್ಠ ಐನೂರರಿಂದ ಸಾವಿರ ದವರೆಗೆ ನಮ್ಮ ಕಾರ್ಯ ಕರ್ತರು ಭಾಗವಹಿ ಸಲಿದ್ದಾರೆ. ಯಡಿಯೂರಪ್ಪ ಅವರು ಪಕ್ಷಕ್ಕೆ ಹಾಗೂ ಕ್ಷೇತ್ರಕ್ಕೆ ಕೊಟ್ಟ ಕೊಡುಗೆ ಹಿನ್ನೆಲೆ ಅಭಿಮಾನದ ದ್ಯೋತಕವಾಗಿ ಕಾರ್ಯಕ್ರಮದಲ್ಲಿ ಹೆಚ್ಚಿನ ಸಂಖ್ಯೆಯಲ್ಲಿ ಭಾಗವಹಿಸಲು ತಯಾರಿ ನಡೆಸಲಾಗಿದೆ ಎಂದರು.ಬಿಜೆಪಿ ಬಂಟ್ವಾಳ ಕ್ಷೇತ್ರಾಧ್ಯಕ್ಷ ಆರ್. ಚೆನ್ನಪ್ಪ ಕೋಟ್ಯಾನ್ ಮಾತನಾಡಿ, ಯಡಿಯೂರಪ್ಪನವರು ಪಕ್ಷದ ಶಕ್ತಿಯಾಗಿದ್ದಾರೆ. ದಕ್ಷಿಣ ಕನ್ನಡ ಜಿಲ್ಲೆ ಹಾಗೂ ಬಂಟ್ವಾಳ ಕ್ಷೇತ್ರಕ್ಕೆ ಸಂಬಂಧಿಸಿದಂತೆ ಪಕ್ಷವನ್ನು ಬಲಗೊಳಿಸಲು ಅವರು ಸಾಕಷ್ಟು ಕೊಡುಗೆ ನೀಡಿದ್ದಾಗಿ ಹೇಳಿದರು.
